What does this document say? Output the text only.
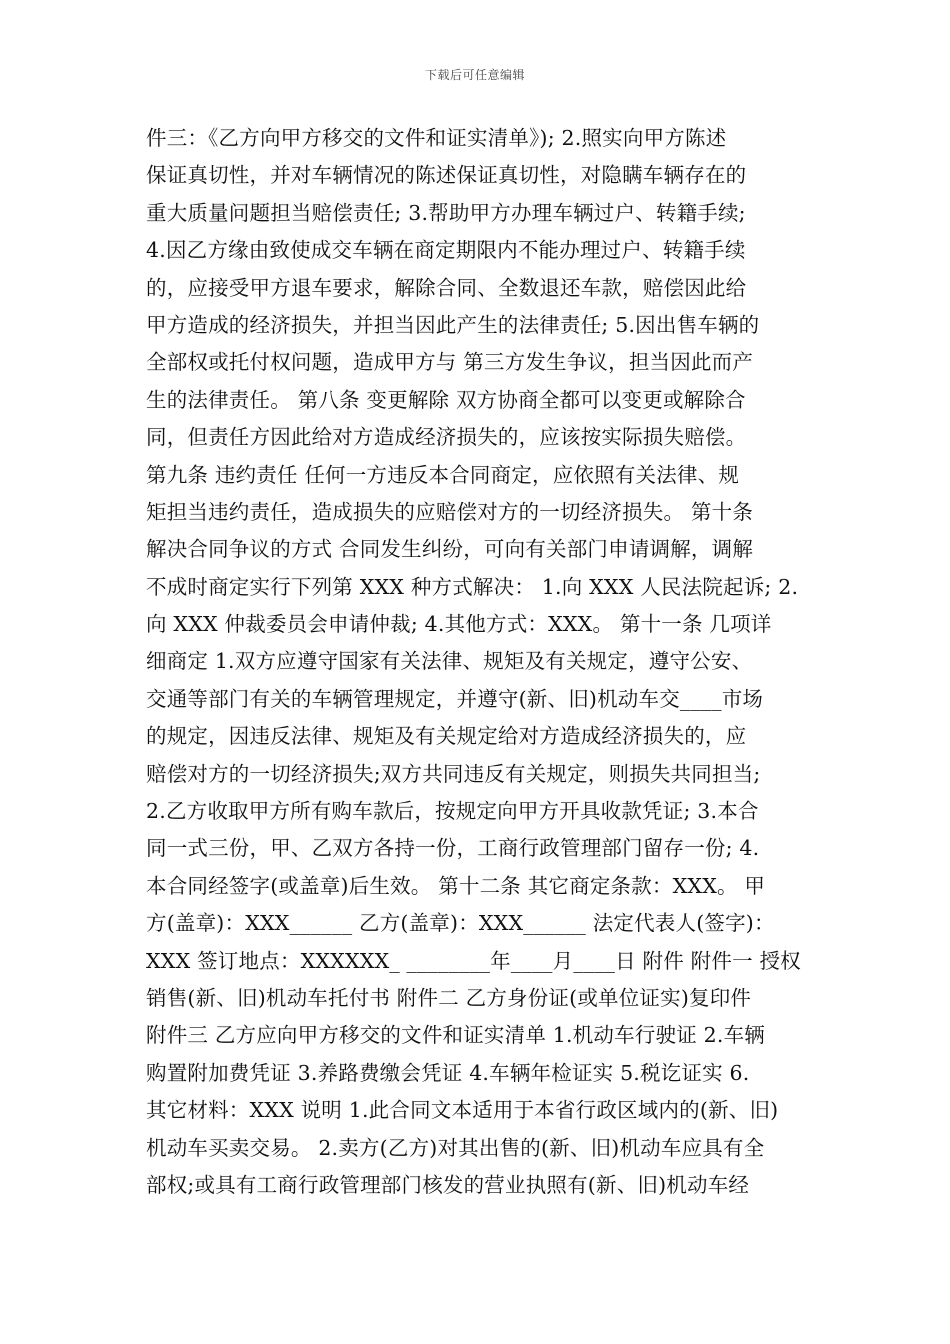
下载后可任意编辑
件三：《乙方向甲方移交的文件和证实清单》); 2.照实向甲方陈述
保证真切性，并对车辆情况的陈述保证真切性，对隐瞒车辆存在的
重大质量问题担当赔偿责任; 3.帮助甲方办理车辆过户、转籍手续;
4.因乙方缘由致使成交车辆在商定期限内不能办理过户、转籍手续
的，应接受甲方退车要求，解除合同、全数退还车款，赔偿因此给
甲方造成的经济损失，并担当因此产生的法律责任; 5.因出售车辆的
全部权或托付权问题，造成甲方与 第三方发生争议，担当因此而产
生的法律责任。 第八条 变更解除 双方协商全都可以变更或解除合
同，但责任方因此给对方造成经济损失的，应该按实际损失赔偿。
第九条 违约责任 任何一方违反本合同商定，应依照有关法律、规
矩担当违约责任，造成损失的应赔偿对方的一切经济损失。 第十条
解决合同争议的方式 合同发生纠纷，可向有关部门申请调解，调解
不成时商定实行下列第 XXX 种方式解决： 1.向 XXX 人民法院起诉; 2.
向 XXX 仲裁委员会申请仲裁; 4.其他方式：XXX。 第十一条 几项详
细商定 1.双方应遵守国家有关法律、规矩及有关规定，遵守公安、
交通等部门有关的车辆管理规定，并遵守(新、旧)机动车交____市场
的规定，因违反法律、规矩及有关规定给对方造成经济损失的，应
赔偿对方的一切经济损失;双方共同违反有关规定，则损失共同担当;
2.乙方收取甲方所有购车款后，按规定向甲方开具收款凭证; 3.本合
同一式三份，甲、乙双方各持一份，工商行政管理部门留存一份; 4.
本合同经签字(或盖章)后生效。 第十二条 其它商定条款：XXX。 甲
方(盖章)：XXX______ 乙方(盖章)：XXX______ 法定代表人(签字)：
XXX 签订地点：XXXXXX_ ________年____月____日 附件 附件一 授权
销售(新、旧)机动车托付书 附件二 乙方身份证(或单位证实)复印件
附件三 乙方应向甲方移交的文件和证实清单 1.机动车行驶证 2.车辆
购置附加费凭证 3.养路费缴会凭证 4.车辆年检证实 5.税讫证实 6.
其它材料：XXX 说明 1.此合同文本适用于本省行政区域内的(新、旧)
机动车买卖交易。 2.卖方(乙方)对其出售的(新、旧)机动车应具有全
部权;或具有工商行政管理部门核发的营业执照有(新、旧)机动车经
